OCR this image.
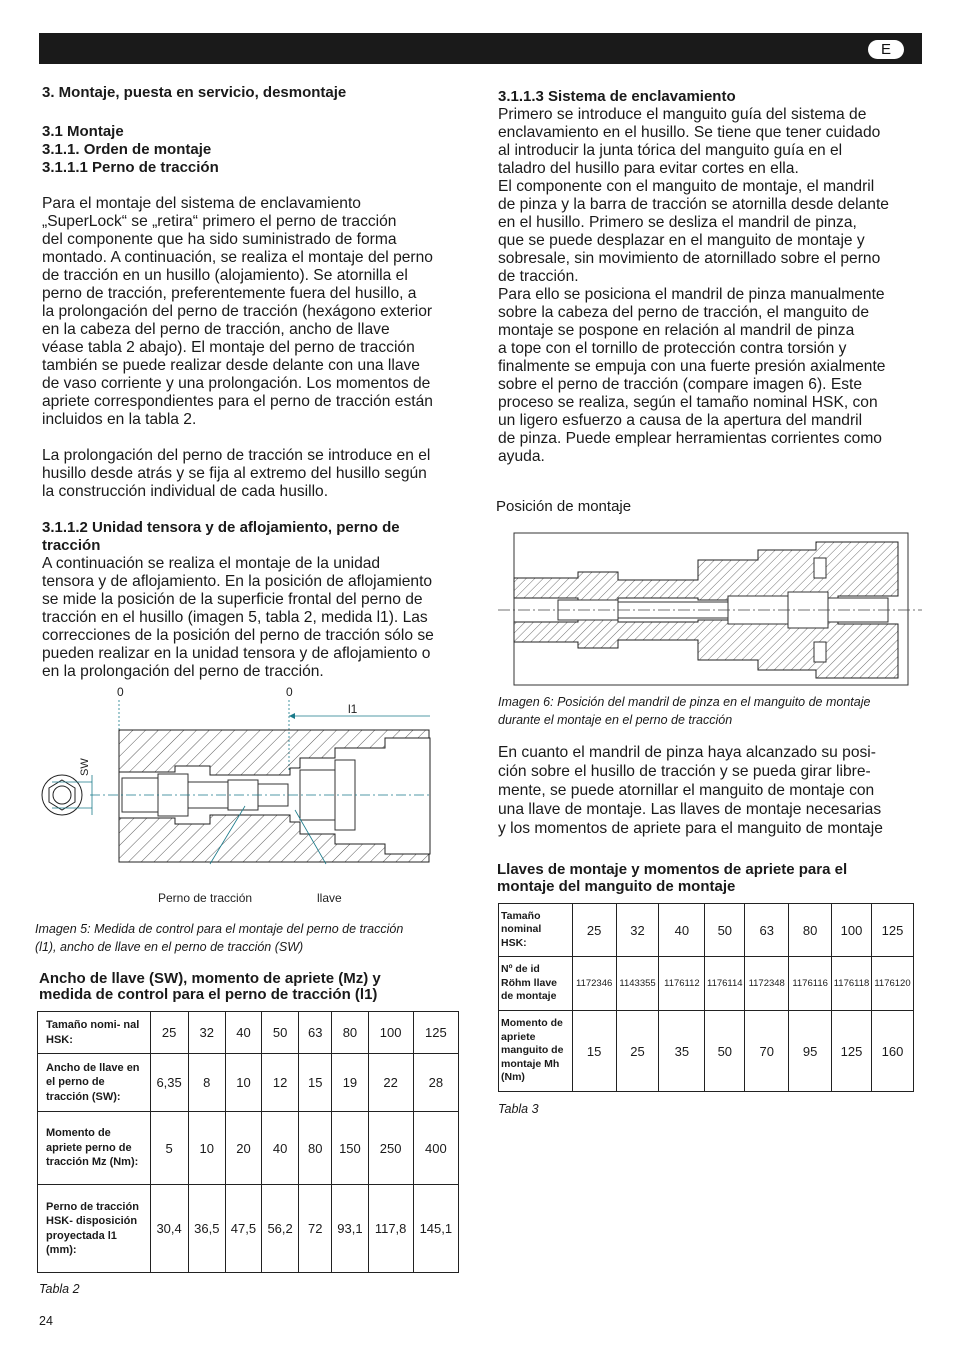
E

3. Montaje, puesta en servicio, desmontaje

3.1 Montaje

3.1.1. Orden de montaje

3.1.1.1 Perno de tracción

Para el montaje del sistema de enclavamiento

„SuperLock“ se „retira“ primero el perno de tracción

del componente que ha sido suministrado de forma

montado. A continuación, se realiza el montaje del perno

de tracción en un husillo (alojamiento). Se atornilla el

perno de tracción, preferentemente fuera del husillo, a

la prolongación del perno de tracción (hexágono exterior

en la cabeza del perno de tracción, ancho de llave

véase tabla 2 abajo). El montaje del perno de tracción

también se puede realizar desde delante con una llave

de vaso corriente y una prolongación. Los momentos de

apriete correspondientes para el perno de tracción están

incluidos en la tabla 2.

La prolongación del perno de tracción se introduce en el

husillo desde atrás y se fija al extremo del husillo según

la construcción individual de cada husillo.

3.1.1.2 Unidad tensora y de aflojamiento, perno de

tracción

A continuación se realiza el montaje de la unidad

tensora y de aflojamiento. En la posición de aflojamiento

se mide la posición de la superficie frontal del perno de

tracción en el husillo (imagen 5, tabla 2, medida l1). Las

correcciones de la posición del perno de tracción sólo se

pueden realizar en la unidad tensora y de aflojamiento o

en la prolongación del perno de tracción.

0	0
l1
SW
Perno de tracción	llave

Imagen 5: Medida de control para el montaje del perno de tracción

(l1), ancho de llave en el perno de tracción (SW)

Ancho de llave (SW), momento de apriete (Mz) y

medida de control para el perno de tracción (l1)

Tamaño nomi- nal HSK:	25	32	40	50	63	80	100	125
Ancho de llave en el perno de tracción (SW):	6,35	8	10	12	15	19	22	28
Momento de apriete perno de tracción Mz (Nm):	5	10	20	40	80	150	250	400
Perno de tracción HSK- disposición proyectada l1 (mm):	30,4	36,5	47,5	56,2	72	93,1	117,8	145,1
Tabla 2
24

3.1.1.3 Sistema de enclavamiento

Primero se introduce el manguito guía del sistema de

enclavamiento en el husillo. Se tiene que tener cuidado

al introducir la junta tórica del manguito guía en el

taladro del husillo para evitar cortes en ella.

El componente con el manguito de montaje, el mandril

de pinza y la barra de tracción se atornilla desde delante

en el husillo. Primero se desliza el mandril de pinza,

que se puede desplazar en el manguito de montaje y

sobresale, sin movimiento de atornillado sobre el perno

de tracción.

Para ello se posiciona el mandril de pinza manualmente

sobre la cabeza del perno de tracción, el manguito de

montaje se pospone en relación al mandril de pinza

a tope con el tornillo de protección contra torsión y

finalmente se empuja con una fuerte presión axialmente

sobre el perno de tracción (compare imagen 6). Este

proceso se realiza, según el tamaño nominal HSK, con

un ligero esfuerzo a causa de la apertura del mandril

de pinza. Puede emplear herramientas corrientes como

ayuda.

Posición de montaje

Imagen 6: Posición del mandril de pinza en el manguito de montaje

durante el montaje en el perno de tracción

En cuanto el mandril de pinza haya alcanzado su posi-

ción sobre el husillo de tracción y se pueda girar libre-

mente, se puede atornillar el manguito de montaje con

una llave de montaje. Las llaves de montaje necesarias

y los momentos de apriete para el manguito de montaje

Llaves de montaje y momentos de apriete para el

montaje del manguito de montaje

Tamaño nominal HSK:	25	32	40	50	63	80	100	125
Nº de id Röhm llave de montaje	1172346	1143355	1176112	1176114	1172348	1176116	1176118	1176120
Momento de apriete manguito de montaje Mh (Nm)	15	25	35	50	70	95	125	160
Tabla 3
